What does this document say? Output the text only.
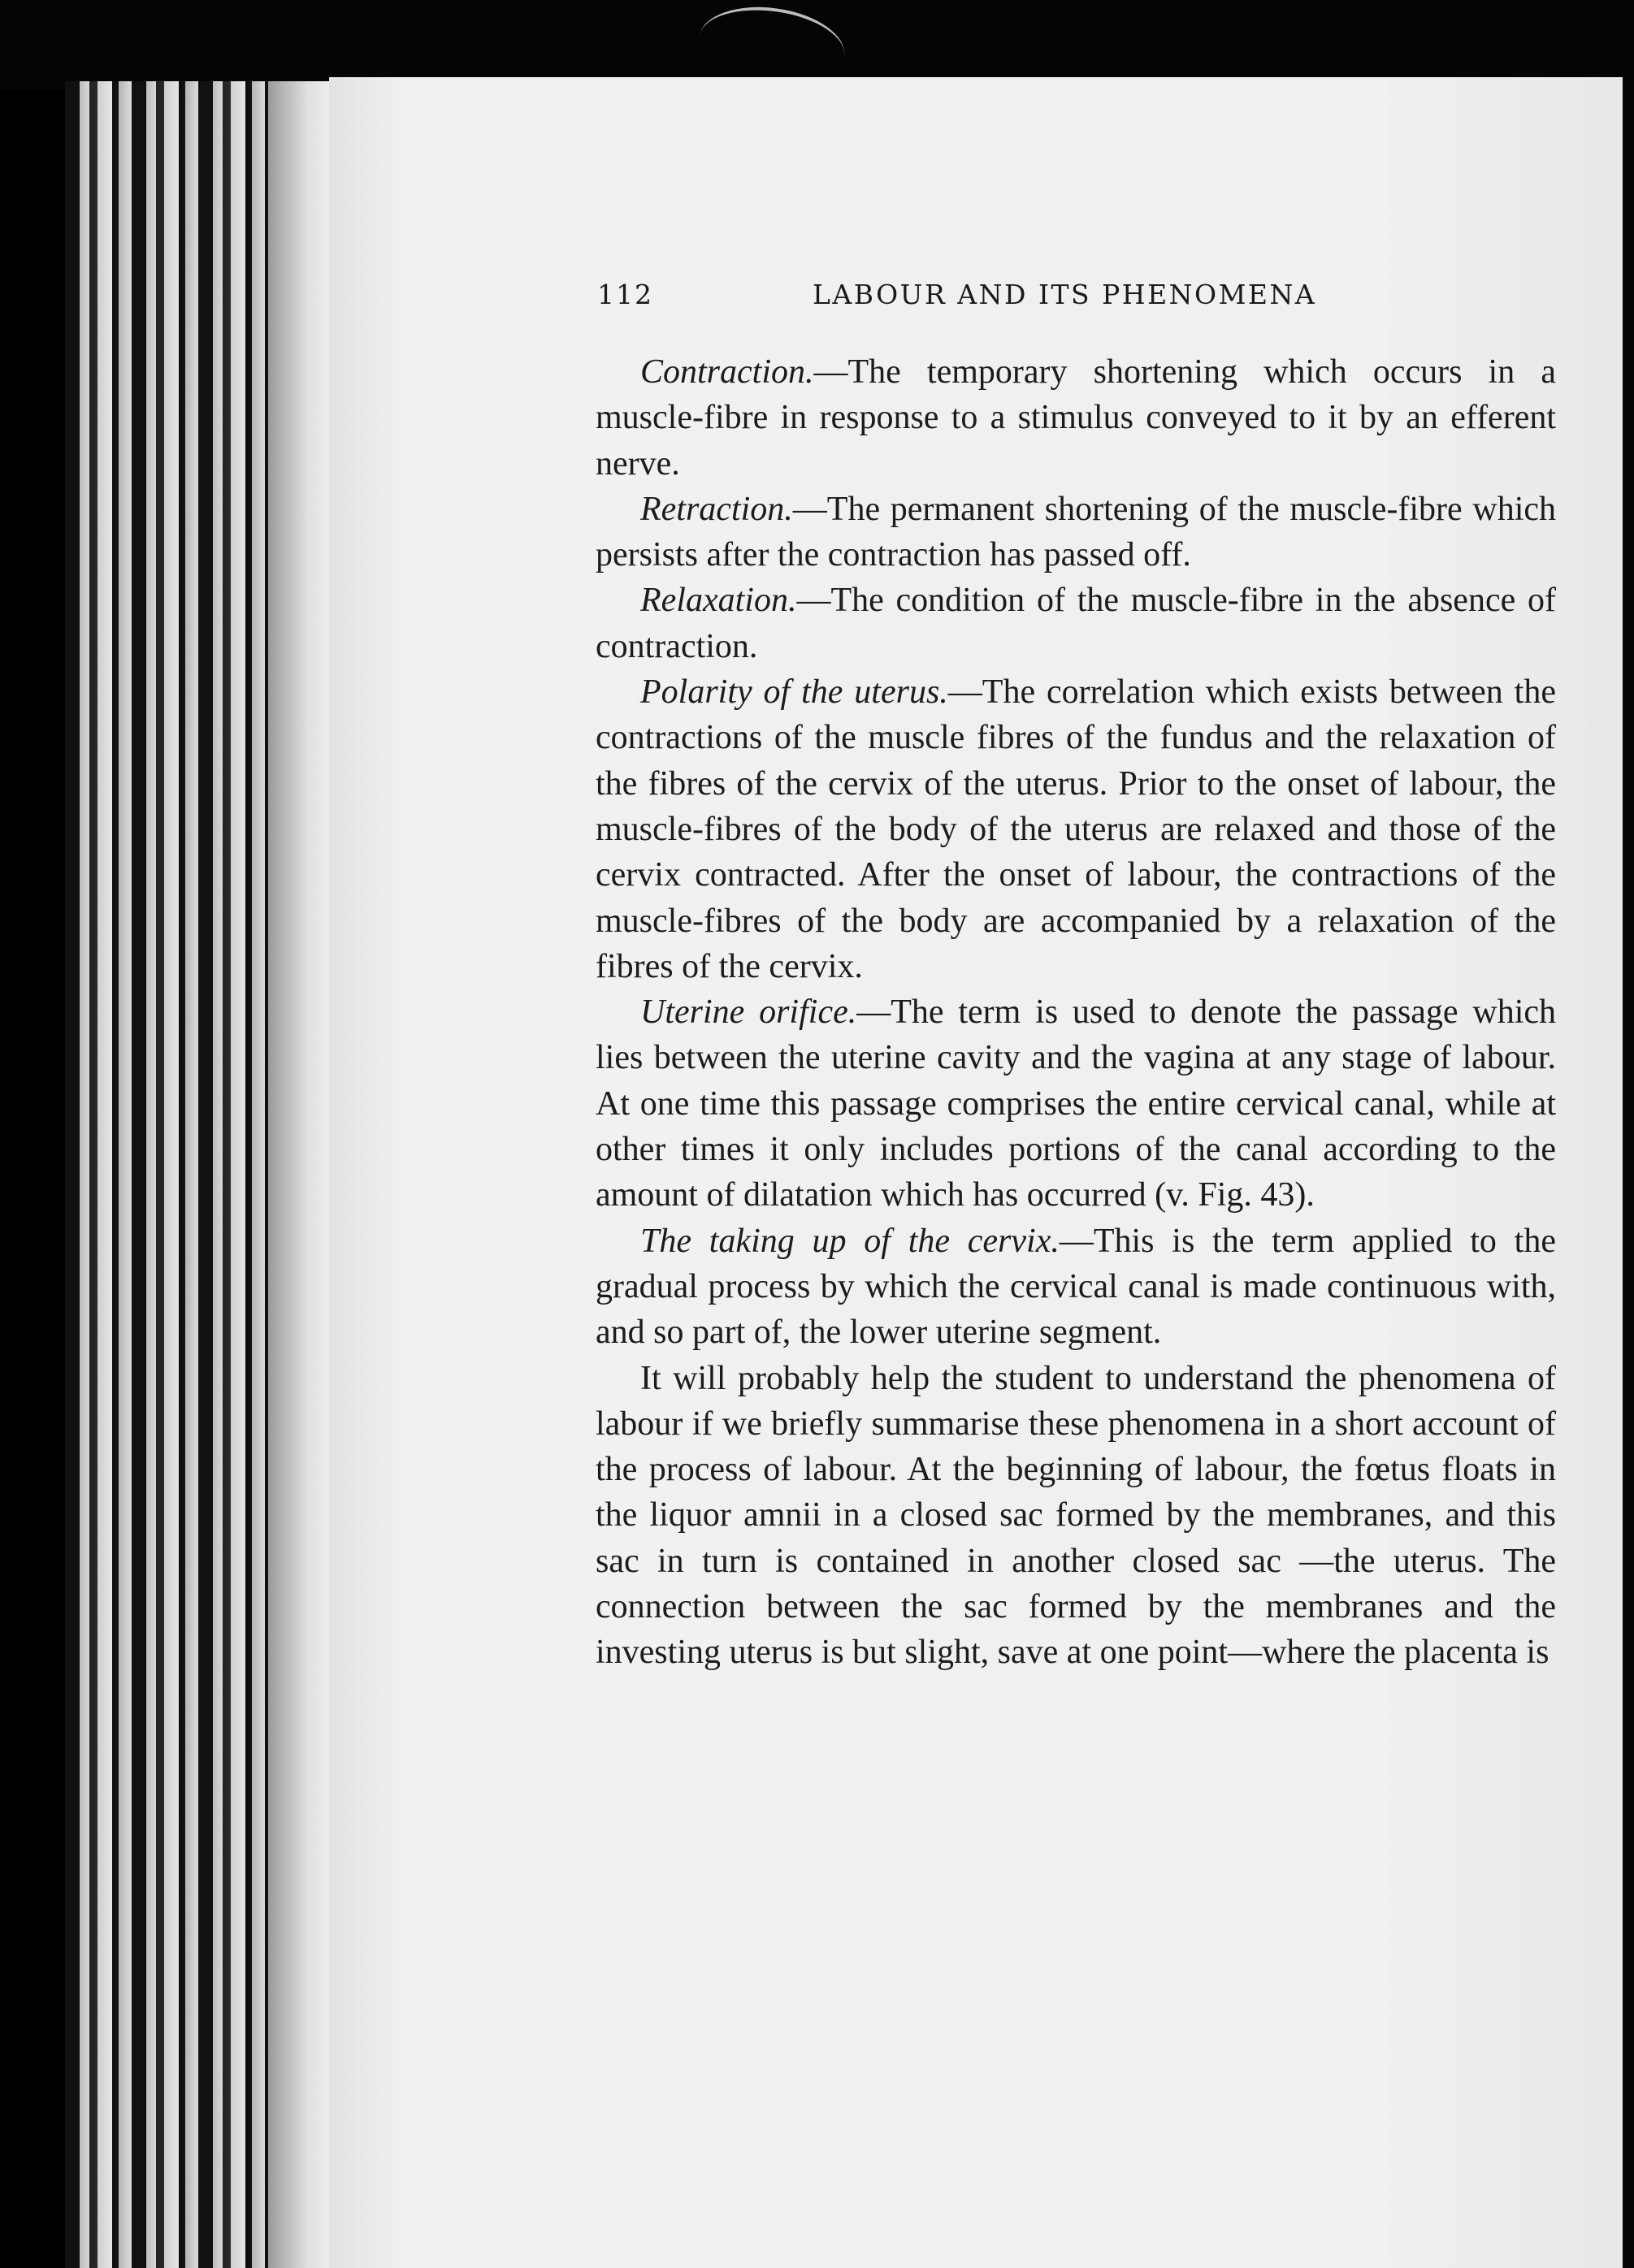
112	LABOUR AND ITS PHENOMENA

Contraction.—The temporary shortening which occurs in a muscle-fibre in response to a stimulus conveyed to it by an efferent nerve.

Retraction.—The permanent shortening of the muscle-fibre which persists after the contraction has passed off.

Relaxation.—The condition of the muscle-fibre in the absence of contraction.

Polarity of the uterus.—The correlation which exists between the contractions of the muscle fibres of the fundus and the relaxation of the fibres of the cervix of the uterus. Prior to the onset of labour, the muscle-fibres of the body of the uterus are relaxed and those of the cervix contracted. After the onset of labour, the contractions of the muscle-fibres of the body are accompanied by a relaxation of the fibres of the cervix.

Uterine orifice.—The term is used to denote the passage which lies between the uterine cavity and the vagina at any stage of labour. At one time this passage comprises the entire cervical canal, while at other times it only includes portions of the canal according to the amount of dilatation which has occurred (v. Fig. 43).

The taking up of the cervix.—This is the term applied to the gradual process by which the cervical canal is made continuous with, and so part of, the lower uterine segment.

It will probably help the student to understand the phenomena of labour if we briefly summarise these phenomena in a short account of the process of labour. At the beginning of labour, the fœtus floats in the liquor amnii in a closed sac formed by the membranes, and this sac in turn is contained in another closed sac —the uterus. The connection between the sac formed by the membranes and the investing uterus is but slight, save at one point—where the placenta is
